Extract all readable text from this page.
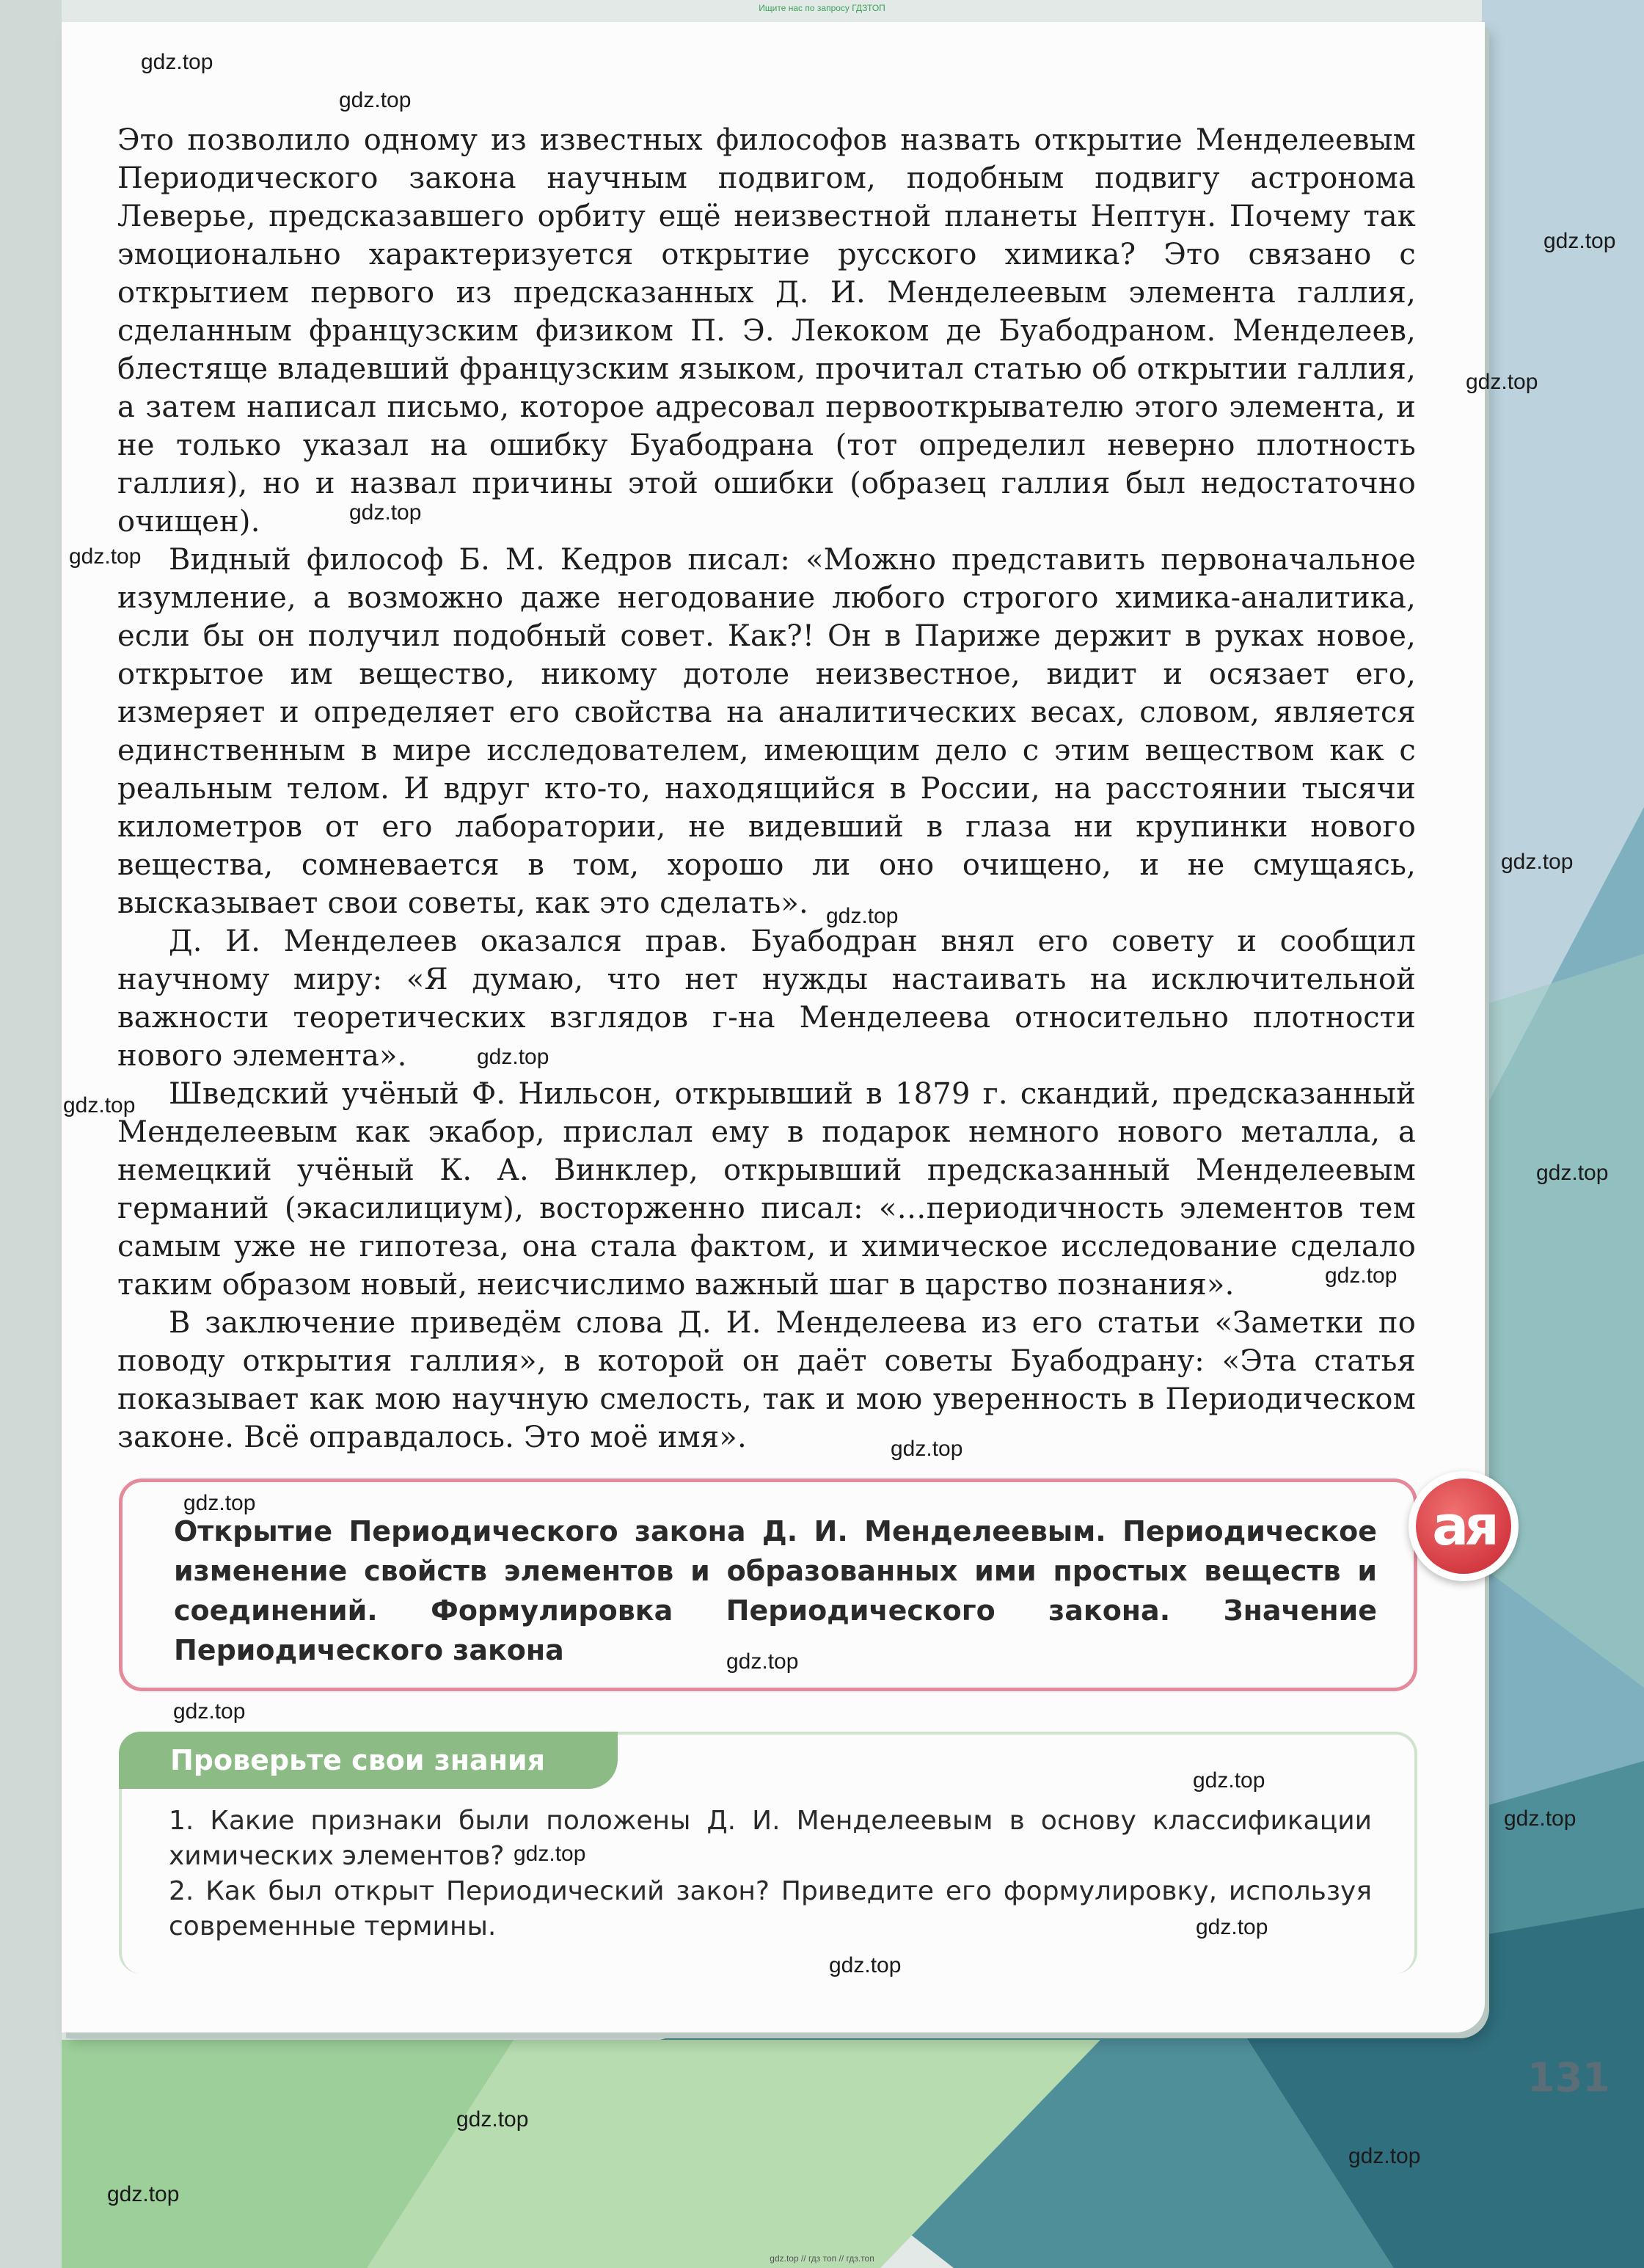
Ищите нас по запросу ГДЗТОП

Это позволило одному из известных философов назвать открытие Менделеевым Периодического закона научным подвигом, подобным подвигу астронома Леверье, предсказавшего орбиту ещё неизвестной планеты Нептун. Почему так эмоционально характеризуется открытие русского химика? Это связано с открытием первого из предсказанных Д. И. Менделеевым элемента галлия, сделанным французским физиком П. Э. Лекоком де Буабодраном. Менделеев, блестяще владевший французским языком, прочитал статью об открытии галлия, а затем написал письмо, которое адресовал первооткрывателю этого элемента, и не только указал на ошибку Буабодрана (тот определил неверно плотность галлия), но и назвал причины этой ошибки (образец галлия был недостаточно очищен).

Видный философ Б. М. Кедров писал: «Можно представить первоначальное изумление, а возможно даже негодование любого строгого химика-аналитика, если бы он получил подобный совет. Как?! Он в Париже держит в руках новое, открытое им вещество, никому дотоле неизвестное, видит и осязает его, измеряет и определяет его свойства на аналитических весах, словом, является единственным в мире исследователем, имеющим дело с этим веществом как с реальным телом. И вдруг кто-то, находящийся в России, на расстоянии тысячи километров от его лаборатории, не видевший в глаза ни крупинки нового вещества, сомневается в том, хорошо ли оно очищено, и не смущаясь, высказывает свои советы, как это сделать».

Д. И. Менделеев оказался прав. Буабодран внял его совету и сообщил научному миру: «Я думаю, что нет нужды настаивать на исключительной важности теоретических взглядов г-на Менделеева относительно плотности нового элемента».

Шведский учёный Ф. Нильсон, открывший в 1879 г. скандий, предсказанный Менделеевым как экабор, прислал ему в подарок немного нового металла, а немецкий учёный К. А. Винклер, открывший предсказанный Менделеевым германий (экасилициум), восторженно писал: «…периодичность элементов тем самым уже не гипотеза, она стала фактом, и химическое исследование сделало таким образом новый, неисчислимо важный шаг в царство познания».

В заключение приведём слова Д. И. Менделеева из его статьи «Заметки по поводу открытия галлия», в которой он даёт советы Буабодрану: «Эта статья показывает как мою научную смелость, так и мою уверенность в Периодическом законе. Всё оправдалось. Это моё имя».

Открытие Периодического закона Д. И. Менделеевым. Периодическое изменение свойств элементов и образованных ими простых веществ и соединений. Формулировка Периодического закона. Значение Периодического закона
ая
Проверьте свои знания

1. Какие признаки были положены Д. И. Менделеевым в основу классификации химических элементов?

2. Как был открыт Периодический закон? Приведите его формулировку, используя современные термины.

131
gdz.top
gdz.top
gdz.top
gdz.top
gdz.top
gdz.top
gdz.top
gdz.top
gdz.top
gdz.top
gdz.top
gdz.top
gdz.top
gdz.top
gdz.top
gdz.top
gdz.top
gdz.top
gdz.top
gdz.top
gdz.top
gdz.top
gdz.top
gdz.top
gdz.top // гдз топ // гдз.топ
